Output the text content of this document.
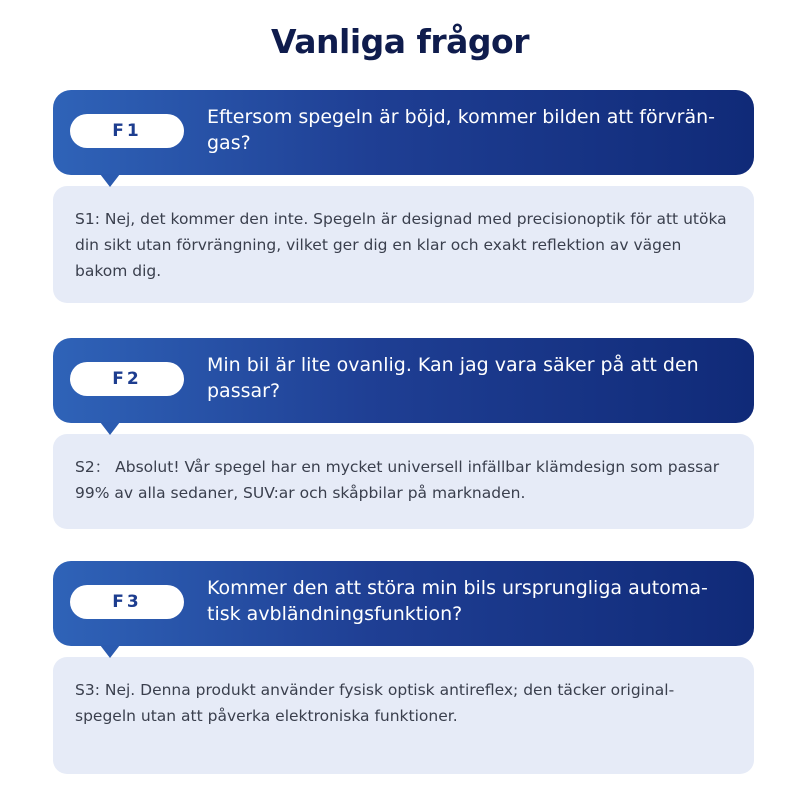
Vanliga frågor
F1
Eftersom spegeln är böjd, kommer bilden att förvrän-gas?

S1: Nej, det kommer den inte. Spegeln är designad med precisionoptik för att utöka din sikt utan förvrängning, vilket ger dig en klar och exakt reflektion av vägen bakom dig.

F2
Min bil är lite ovanlig. Kan jag vara säker på att den passar?

S2： Absolut! Vår spegel har en mycket universell infällbar klämdesign som passar 99% av alla sedaner, SUV:ar och skåpbilar på marknaden.

F3
Kommer den att störa min bils ursprungliga automa-tisk avbländningsfunktion?

S3: Nej. Denna produkt använder fysisk optisk antireflex; den täcker original-spegeln utan att påverka elektroniska funktioner.
